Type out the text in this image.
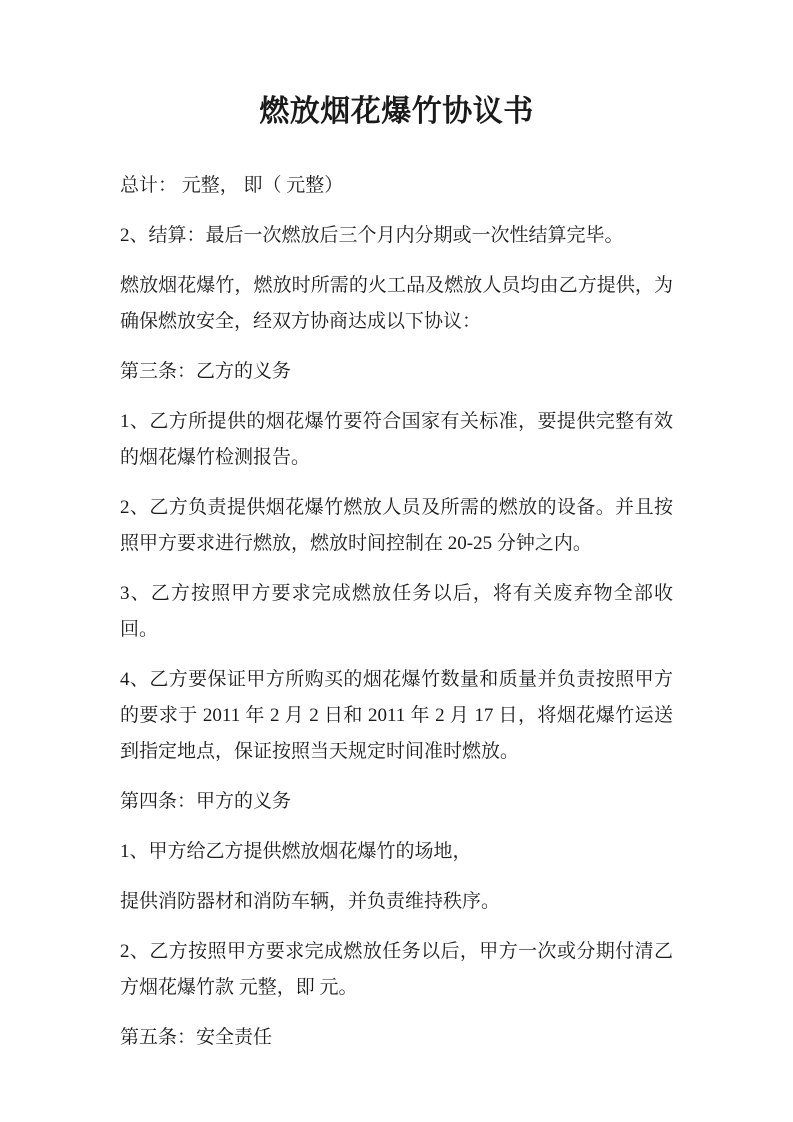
燃放烟花爆竹协议书

总计： 元整， 即（ 元整）

2、结算：最后一次燃放后三个月内分期或一次性结算完毕。

燃放烟花爆竹，燃放时所需的火工品及燃放人员均由乙方提供，为确保燃放安全，经双方协商达成以下协议：

第三条：乙方的义务

1、乙方所提供的烟花爆竹要符合国家有关标准，要提供完整有效的烟花爆竹检测报告。

2、乙方负责提供烟花爆竹燃放人员及所需的燃放的设备。并且按照甲方要求进行燃放，燃放时间控制在 20-25 分钟之内。

3、乙方按照甲方要求完成燃放任务以后，将有关废弃物全部收回。

4、乙方要保证甲方所购买的烟花爆竹数量和质量并负责按照甲方的要求于 2011 年 2 月 2 日和 2011 年 2 月 17 日，将烟花爆竹运送到指定地点，保证按照当天规定时间准时燃放。

第四条：甲方的义务

1、甲方给乙方提供燃放烟花爆竹的场地，

提供消防器材和消防车辆，并负责维持秩序。

2、乙方按照甲方要求完成燃放任务以后，甲方一次或分期付清乙方烟花爆竹款 元整，即 元。

第五条：安全责任
